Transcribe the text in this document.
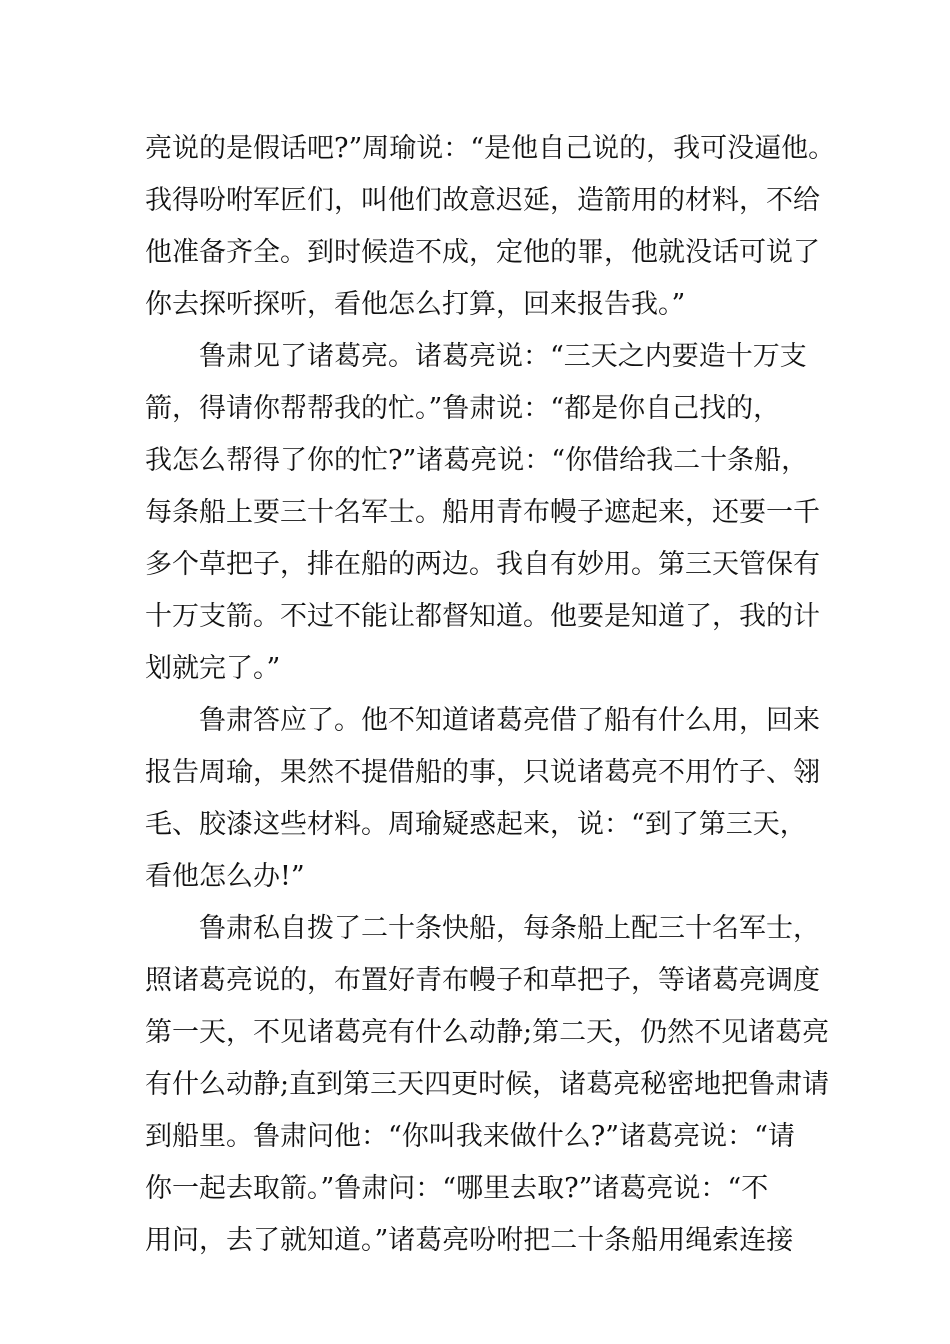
亮说的是假话吧?”周瑜说：“是他自己说的，我可没逼他。
我得吩咐军匠们，叫他们故意迟延，造箭用的材料，不给
他准备齐全。到时候造不成，定他的罪，他就没话可说了
你去探听探听，看他怎么打算，回来报告我。”
鲁肃见了诸葛亮。诸葛亮说：“三天之内要造十万支
箭，得请你帮帮我的忙。”鲁肃说：“都是你自己找的，
我怎么帮得了你的忙?”诸葛亮说：“你借给我二十条船，
每条船上要三十名军士。船用青布幔子遮起来，还要一千
多个草把子，排在船的两边。我自有妙用。第三天管保有
十万支箭。不过不能让都督知道。他要是知道了，我的计
划就完了。”
鲁肃答应了。他不知道诸葛亮借了船有什么用，回来
报告周瑜，果然不提借船的事，只说诸葛亮不用竹子、翎
毛、胶漆这些材料。周瑜疑惑起来，说：“到了第三天，
看他怎么办!”
鲁肃私自拨了二十条快船，每条船上配三十名军士，
照诸葛亮说的，布置好青布幔子和草把子，等诸葛亮调度
第一天，不见诸葛亮有什么动静;第二天，仍然不见诸葛亮
有什么动静;直到第三天四更时候，诸葛亮秘密地把鲁肃请
到船里。鲁肃问他：“你叫我来做什么?”诸葛亮说：“请
你一起去取箭。”鲁肃问：“哪里去取?”诸葛亮说：“不
用问，去了就知道。”诸葛亮吩咐把二十条船用绳索连接
